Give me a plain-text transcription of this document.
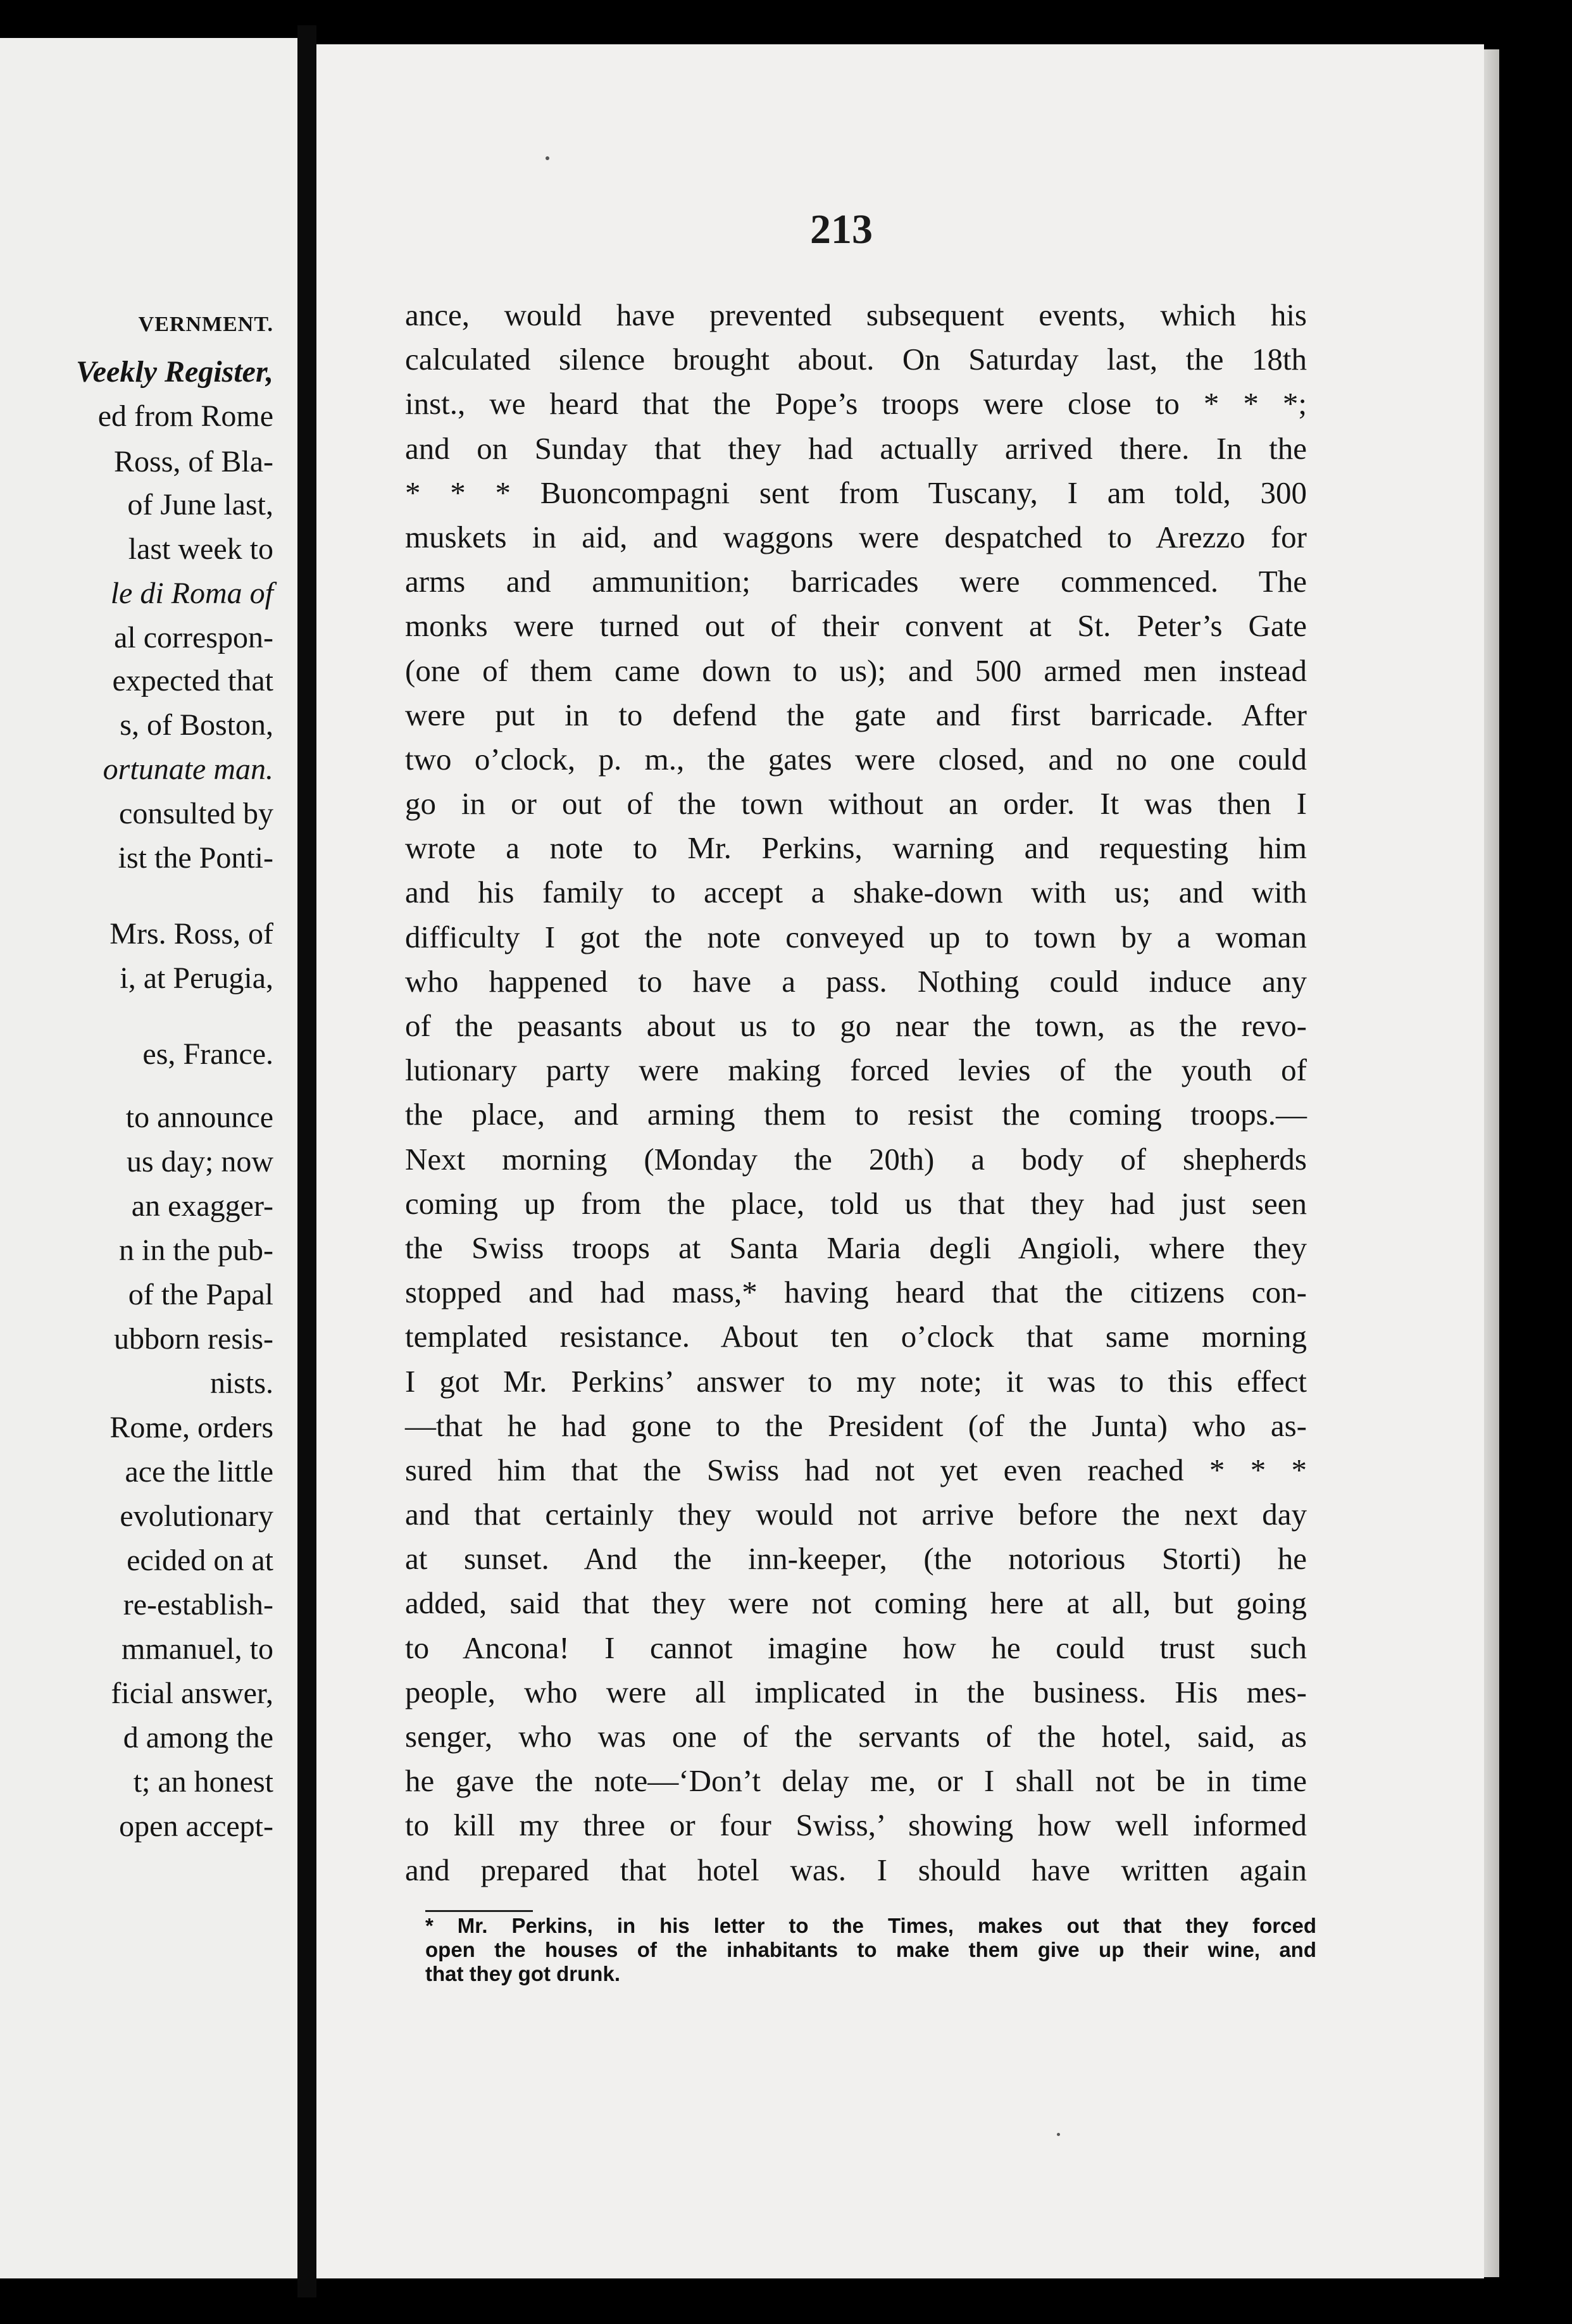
VERNMENT.
Veekly Register,
ed from Rome
Ross, of Bla-
of June last,
last week to
le di Roma of
al correspon-
expected that
s, of Boston,
ortunate man.
consulted by
ist the Ponti-
Mrs. Ross, of
i, at Perugia,
es, France.
to announce
us day; now
an exagger-
n in the pub-
of the Papal
ubborn resis-
nists.
Rome, orders
ace the little
evolutionary
ecided on at
re-establish-
mmanuel, to
ficial answer,
d among the
t; an honest
open accept-
213
ance, would have prevented subsequent events, which his
calculated silence brought about. On Saturday last, the 18th
inst., we heard that the Pope’s troops were close to * * *;
and on Sunday that they had actually arrived there. In the
* * * Buoncompagni sent from Tuscany, I am told, 300
muskets in aid, and waggons were despatched to Arezzo for
arms and ammunition; barricades were commenced. The
monks were turned out of their convent at St. Peter’s Gate
(one of them came down to us); and 500 armed men instead
were put in to defend the gate and first barricade. After
two o’clock, p. m., the gates were closed, and no one could
go in or out of the town without an order. It was then I
wrote a note to Mr. Perkins, warning and requesting him
and his family to accept a shake-down with us; and with
difficulty I got the note conveyed up to town by a woman
who happened to have a pass. Nothing could induce any
of the peasants about us to go near the town, as the revo-
lutionary party were making forced levies of the youth of
the place, and arming them to resist the coming troops.—
Next morning (Monday the 20th) a body of shepherds
coming up from the place, told us that they had just seen
the Swiss troops at Santa Maria degli Angioli, where they
stopped and had mass,* having heard that the citizens con-
templated resistance. About ten o’clock that same morning
I got Mr. Perkins’ answer to my note; it was to this effect
—that he had gone to the President (of the Junta) who as-
sured him that the Swiss had not yet even reached * * *
and that certainly they would not arrive before the next day
at sunset. And the inn-keeper, (the notorious Storti) he
added, said that they were not coming here at all, but going
to Ancona! I cannot imagine how he could trust such
people, who were all implicated in the business. His mes-
senger, who was one of the servants of the hotel, said, as
he gave the note—‘Don’t delay me, or I shall not be in time
to kill my three or four Swiss,’ showing how well informed
and prepared that hotel was. I should have written again
* Mr. Perkins, in his letter to the Times, makes out that they forced
open the houses of the inhabitants to make them give up their wine, and
that they got drunk.
